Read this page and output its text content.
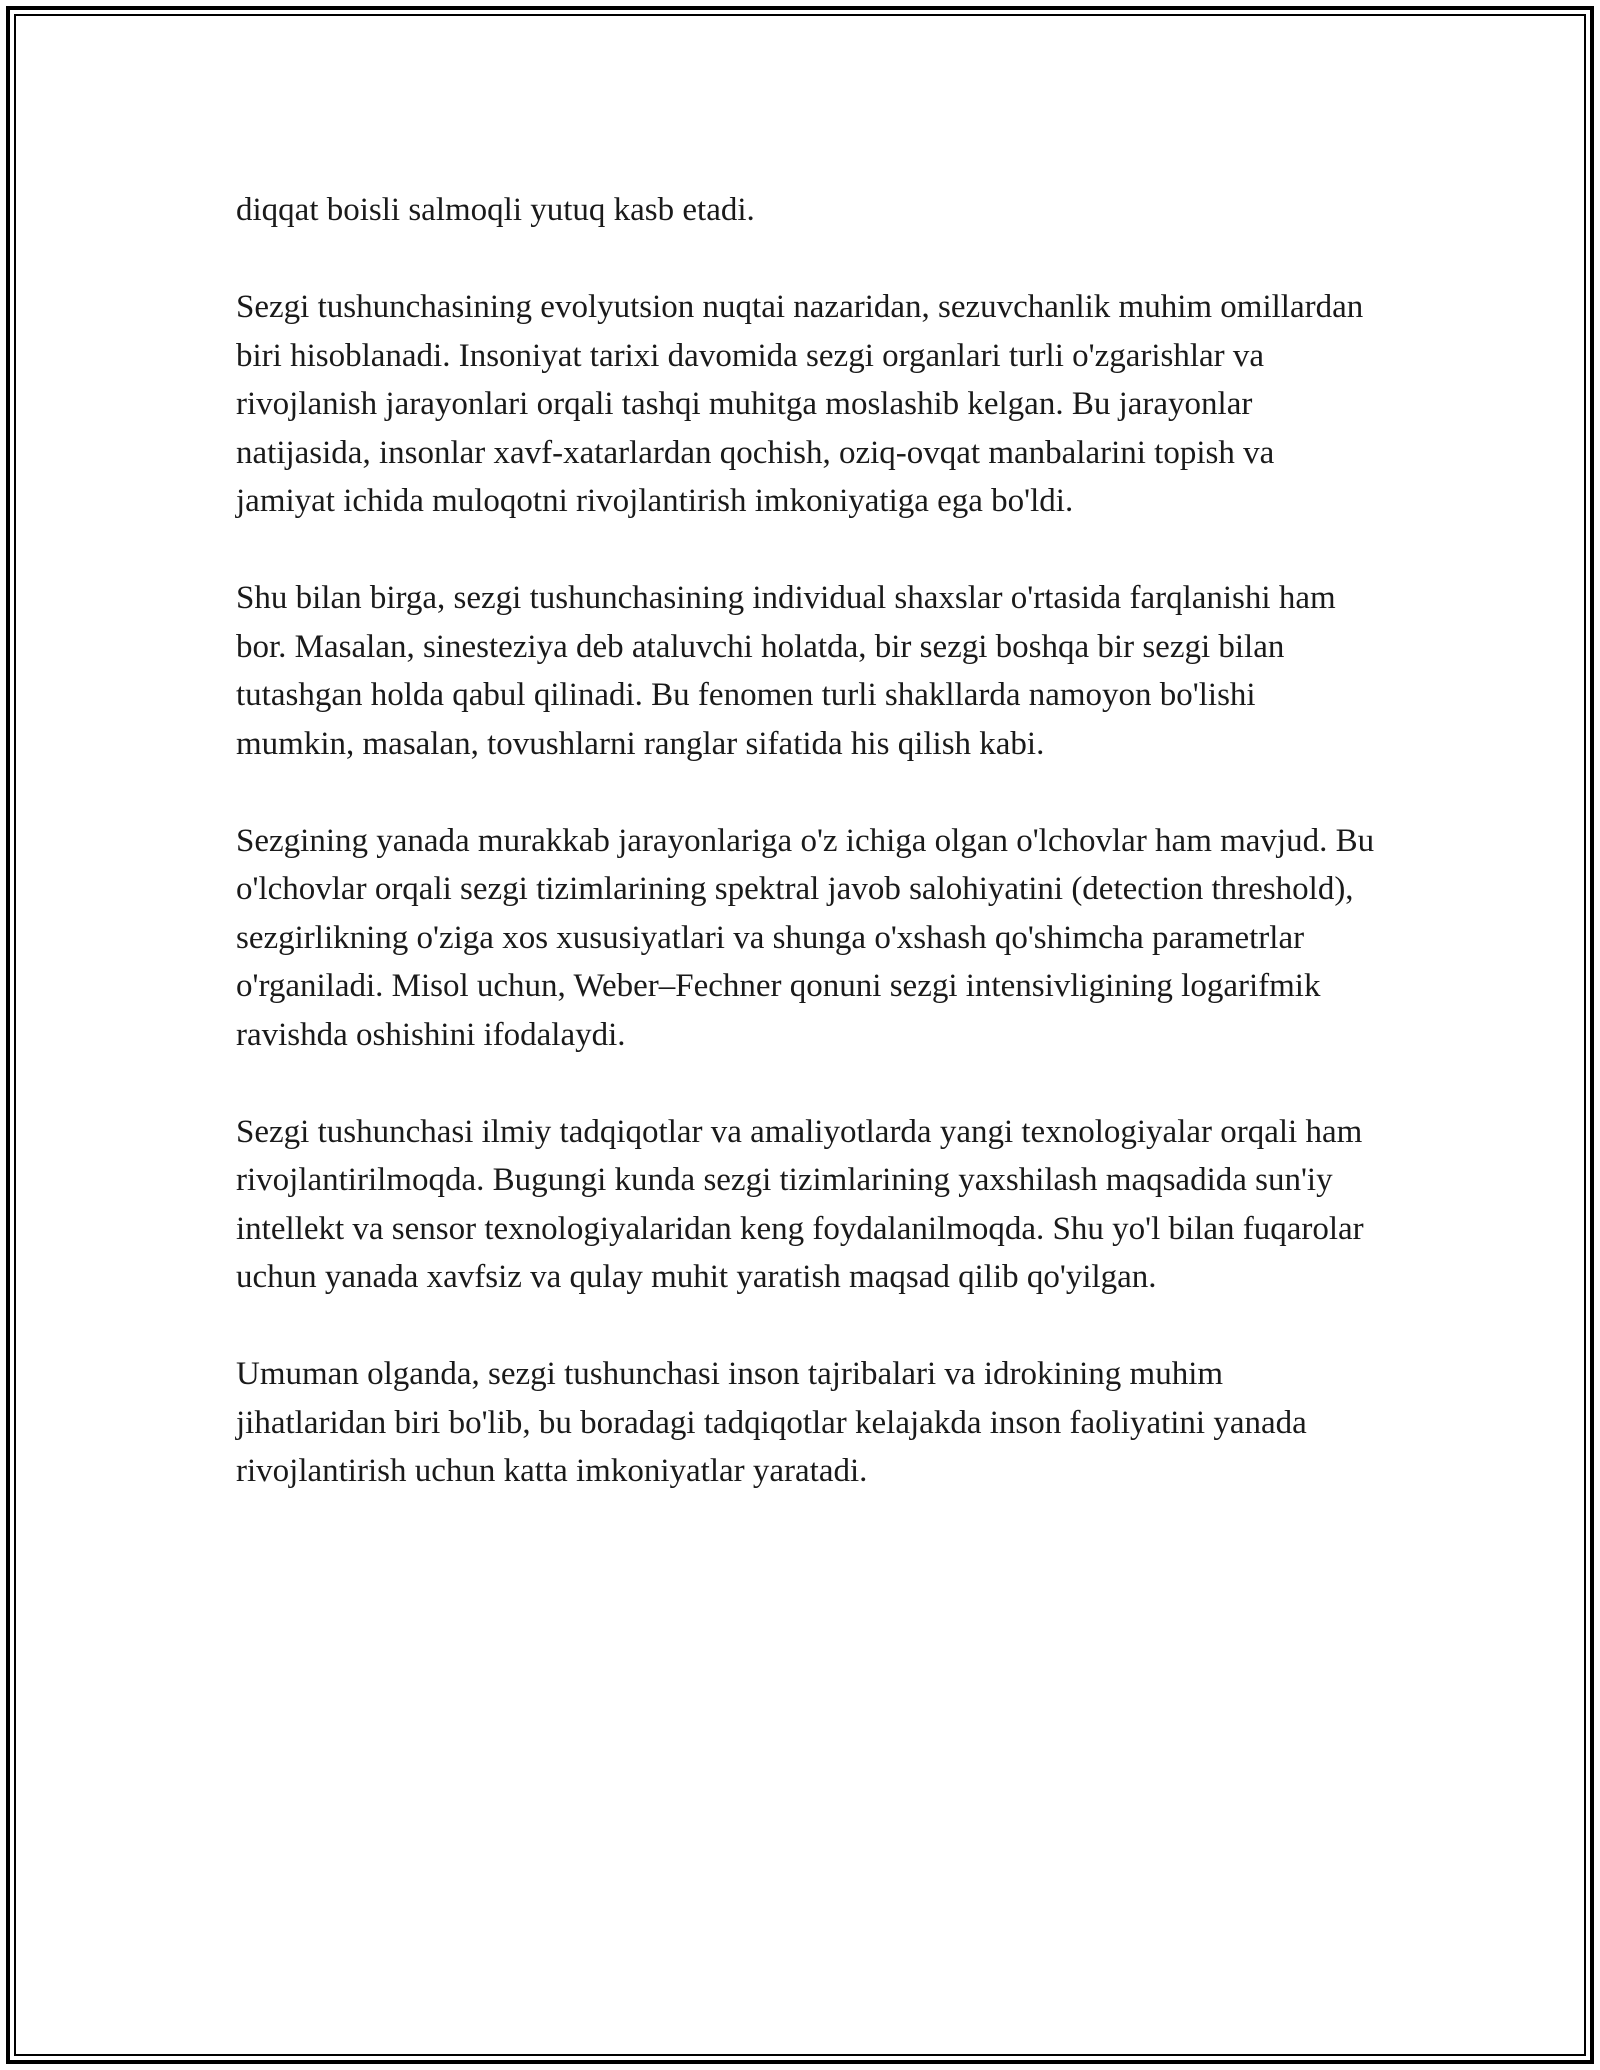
diqqat boisli salmoqli yutuq kasb etadi.

Sezgi tushunchasining evolyutsion nuqtai nazaridan, sezuvchanlik muhim omillardan biri hisoblanadi. Insoniyat tarixi davomida sezgi organlari turli o'zgarishlar va rivojlanish jarayonlari orqali tashqi muhitga moslashib kelgan. Bu jarayonlar natijasida, insonlar xavf-xatarlardan qochish, oziq-ovqat manbalarini topish va jamiyat ichida muloqotni rivojlantirish imkoniyatiga ega bo'ldi.

Shu bilan birga, sezgi tushunchasining individual shaxslar o'rtasida farqlanishi ham bor. Masalan, sinesteziya deb ataluvchi holatda, bir sezgi boshqa bir sezgi bilan tutashgan holda qabul qilinadi. Bu fenomen turli shakllarda namoyon bo'lishi mumkin, masalan, tovushlarni ranglar sifatida his qilish kabi.

Sezgining yanada murakkab jarayonlariga o'z ichiga olgan o'lchovlar ham mavjud. Bu o'lchovlar orqali sezgi tizimlarining spektral javob salohiyatini (detection threshold), sezgirlikning o'ziga xos xususiyatlari va shunga o'xshash qo'shimcha parametrlar o'rganiladi. Misol uchun, Weber–Fechner qonuni sezgi intensivligining logarifmik ravishda oshishini ifodalaydi.

Sezgi tushunchasi ilmiy tadqiqotlar va amaliyotlarda yangi texnologiyalar orqali ham rivojlantirilmoqda. Bugungi kunda sezgi tizimlarining yaxshilash maqsadida sun'iy intellekt va sensor texnologiyalaridan keng foydalanilmoqda. Shu yo'l bilan fuqarolar uchun yanada xavfsiz va qulay muhit yaratish maqsad qilib qo'yilgan.

Umuman olganda, sezgi tushunchasi inson tajribalari va idrokining muhim jihatlaridan biri bo'lib, bu boradagi tadqiqotlar kelajakda inson faoliyatini yanada rivojlantirish uchun katta imkoniyatlar yaratadi.
